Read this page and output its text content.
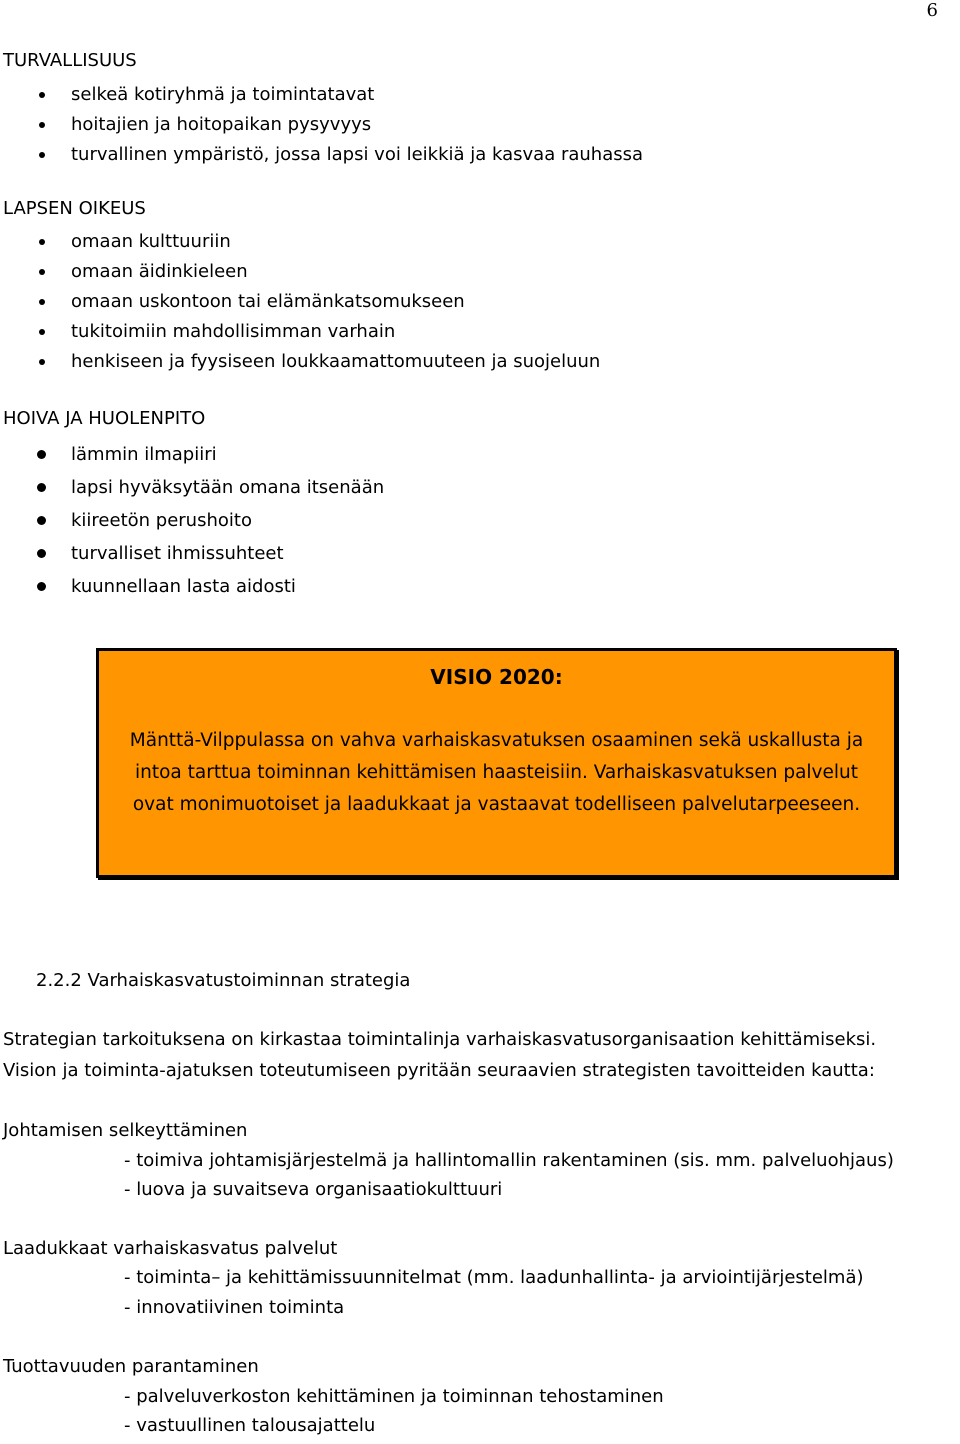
6
TURVALLISUUS
selkeä kotiryhmä ja toimintatavat
hoitajien ja hoitopaikan pysyvyys
turvallinen ympäristö, jossa lapsi voi leikkiä ja kasvaa rauhassa
LAPSEN OIKEUS
omaan kulttuuriin
omaan äidinkieleen
omaan uskontoon tai elämänkatsomukseen
tukitoimiin mahdollisimman varhain
henkiseen ja fyysiseen loukkaamattomuuteen ja suojeluun
HOIVA JA HUOLENPITO
lämmin ilmapiiri
lapsi hyväksytään omana itsenään
kiireetön perushoito
turvalliset ihmissuhteet
kuunnellaan lasta aidosti
VISIO 2020:
Mänttä-Vilppulassa on vahva varhaiskasvatuksen osaaminen sekä uskallusta ja intoa tarttua toiminnan kehittämisen haasteisiin. Varhaiskasvatuksen palvelut ovat monimuotoiset ja laadukkaat ja vastaavat todelliseen palvelutarpeeseen.
2.2.2 Varhaiskasvatustoiminnan strategia
Strategian tarkoituksena on kirkastaa toimintalinja varhaiskasvatusorganisaation kehittämiseksi.
Vision ja toiminta-ajatuksen toteutumiseen pyritään seuraavien strategisten tavoitteiden kautta:
Johtamisen selkeyttäminen
- toimiva johtamisjärjestelmä ja hallintomallin rakentaminen (sis. mm. palveluohjaus)
- luova ja suvaitseva organisaatiokulttuuri
Laadukkaat varhaiskasvatus palvelut
- toiminta– ja kehittämissuunnitelmat (mm. laadunhallinta- ja arviointijärjestelmä)
- innovatiivinen toiminta
Tuottavuuden parantaminen
- palveluverkoston kehittäminen ja toiminnan tehostaminen
- vastuullinen talousajattelu
